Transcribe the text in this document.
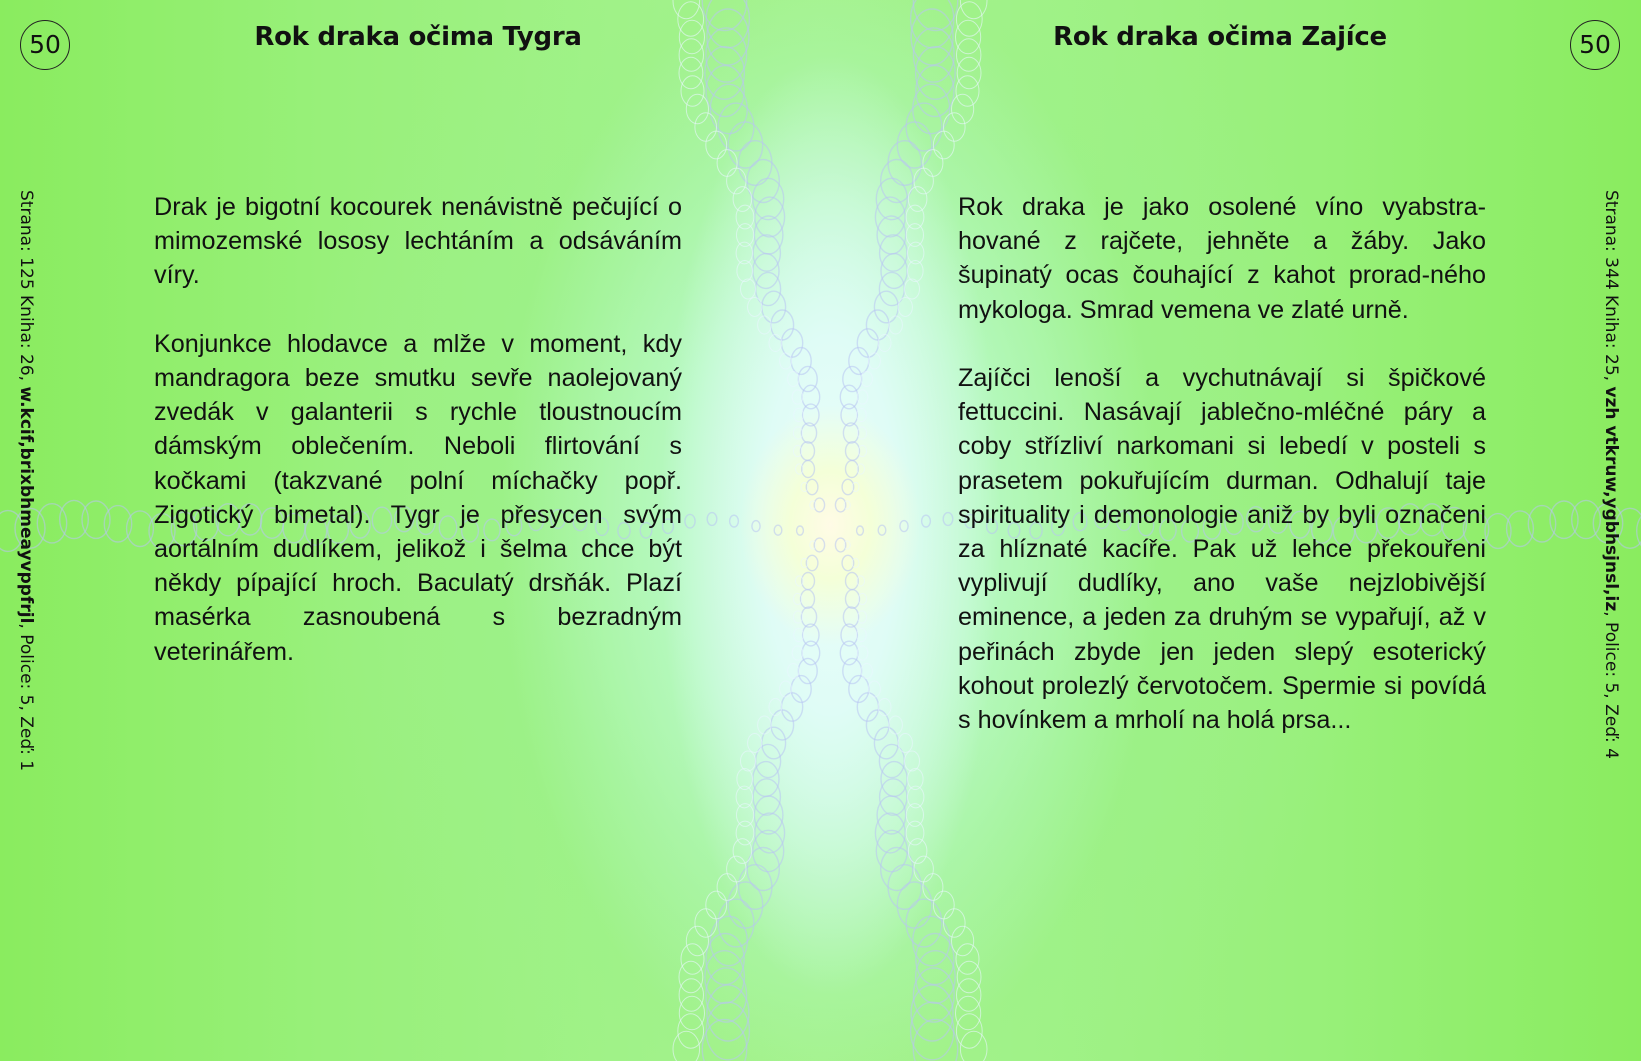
50	Rok draka očima Tygra
Strana: 125 Kniha: 26, w.kcif,brixbhmeayvppfrjl, Police: 5, Zeď: 1

Drak je bigotní kocourek nenávistně pečující o mimozemské lososy lechtáním a odsáváním víry.

Konjunkce hlodavce a mlže v moment, kdy mandragora beze smutku sevře naolejovaný zvedák v galanterii s rychle tloustnoucím dámským oblečením. Neboli flirtování s kočkami (takzvané polní míchačky popř. Zigotický bimetal). Tygr je přesycen svým aortálním dudlíkem, jelikož i šelma chce být někdy pípající hroch. Baculatý drsňák. Plazí masérka zasnoubená s bezradným veterinářem.

Rok draka očima Zajíce	50

Rok draka je jako osolené víno vyabstra-hované z rajčete, jehněte a žáby. Jako šupinatý ocas čouhající z kahot prorad-ného mykologa. Smrad vemena ve zlaté urně.

Zajíčci lenoší a vychutnávají si špičkové fettuccini. Nasávají jablečno-mléčné páry a coby střízliví narkomani si lebedí v posteli s prasetem pokuřujícím durman. Odhalují taje spirituality i demonologie aniž by byli označeni za hlíznaté kacíře. Pak už lehce překouřeni vyplivují dudlíky, ano vaše nejzlobivější eminence, a jeden za druhým se vypařují, až v peřinách zbyde jen jeden slepý esoterický kohout prolezlý červotočem. Spermie si povídá s hovínkem a mrholí na holá prsa...

Strana: 344 Kniha: 25, vzh vtkruw,ygbhsjnsl,iz, Police: 5, Zeď: 4
